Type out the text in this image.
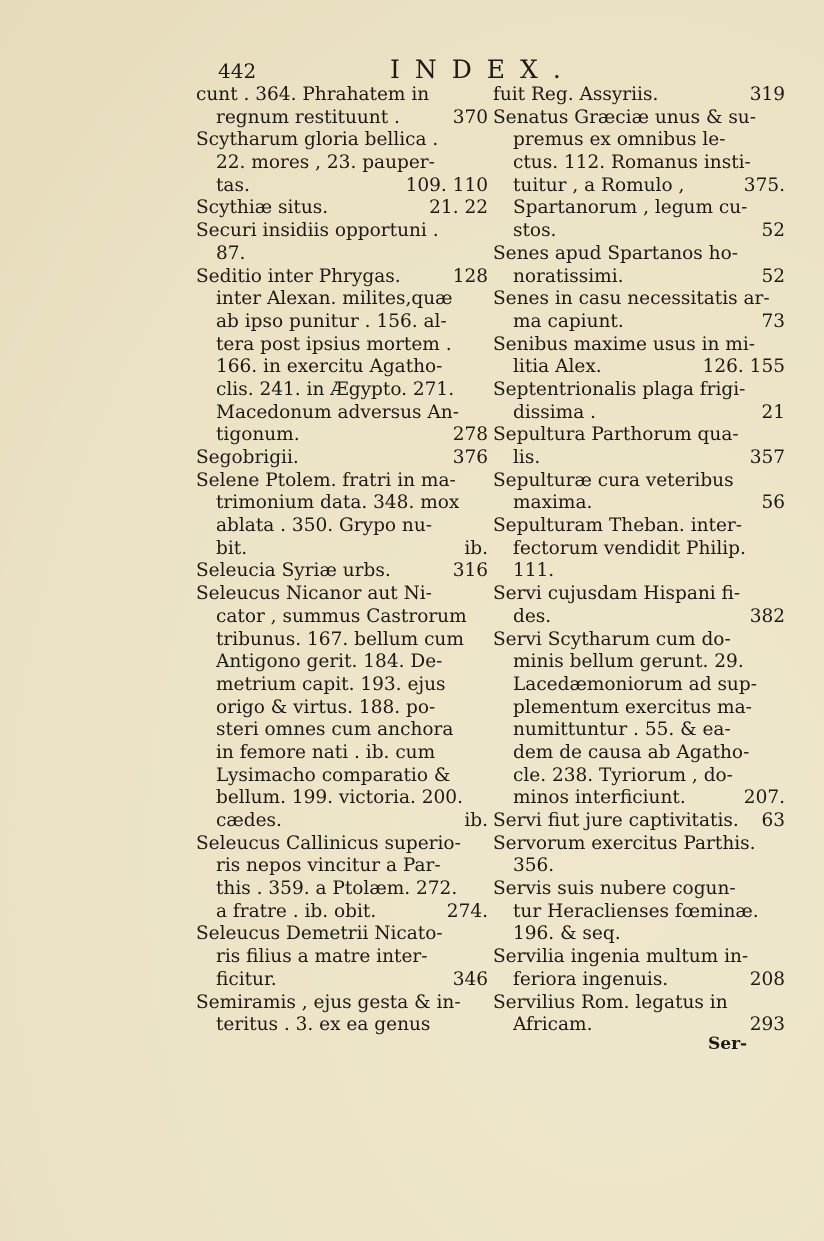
442	INDEX.
cunt . 364. Phrahatem in
regnum restituunt .	370
Scytharum gloria bellica .
22. mores , 23. pauper-
tas.	109. 110
Scythiæ situs.	21. 22
Securi insidiis opportuni .
87.
Seditio inter Phrygas.	128
inter Alexan. milites,quæ
ab ipso punitur . 156. al-
tera post ipsius mortem .
166. in exercitu Agatho-
clis. 241. in Ægypto. 271.
Macedonum adversus An-
tigonum.	278
Segobrigii.	376
Selene Ptolem. fratri in ma-
trimonium data. 348. mox
ablata . 350. Grypo nu-
bit.	ib.
Seleucia Syriæ urbs.	316
Seleucus Nicanor aut Ni-
cator , summus Castrorum
tribunus. 167. bellum cum
Antigono gerit. 184. De-
metrium capit. 193. ejus
origo & virtus. 188. po-
steri omnes cum anchora
in femore nati . ib. cum
Lysimacho comparatio &
bellum. 199. victoria. 200.
cædes.	ib.
Seleucus Callinicus superio-
ris nepos vincitur a Par-
this . 359. a Ptolæm. 272.
a fratre . ib. obit.	274.
Seleucus Demetrii Nicato-
ris filius a matre inter-
ficitur.	346
Semiramis , ejus gesta & in-
teritus . 3. ex ea genus
fuit Reg. Assyriis.	319
Senatus Græciæ unus & su-
premus ex omnibus le-
ctus. 112. Romanus insti-
tuitur , a Romulo ,	375.
Spartanorum , legum cu-
stos.	52
Senes apud Spartanos ho-
noratissimi.	52
Senes in casu necessitatis ar-
ma capiunt.	73
Senibus maxime usus in mi-
litia Alex.	126. 155
Septentrionalis plaga frigi-
dissima .	21
Sepultura Parthorum qua-
lis.	357
Sepulturæ cura veteribus
maxima.	56
Sepulturam Theban. inter-
fectorum vendidit Philip.
111.
Servi cujusdam Hispani fi-
des.	382
Servi Scytharum cum do-
minis bellum gerunt. 29.
Lacedæmoniorum ad sup-
plementum exercitus ma-
numittuntur . 55. & ea-
dem de causa ab Agatho-
cle. 238. Tyriorum , do-
minos interficiunt.	207.
Servi fiut jure captivitatis.	63
Servorum exercitus Parthis.
356.
Servis suis nubere cogun-
tur Heraclienses fœminæ.
196. & seq.
Servilia ingenia multum in-
feriora ingenuis.	208
Servilius Rom. legatus in
Africam.	293
Ser-
